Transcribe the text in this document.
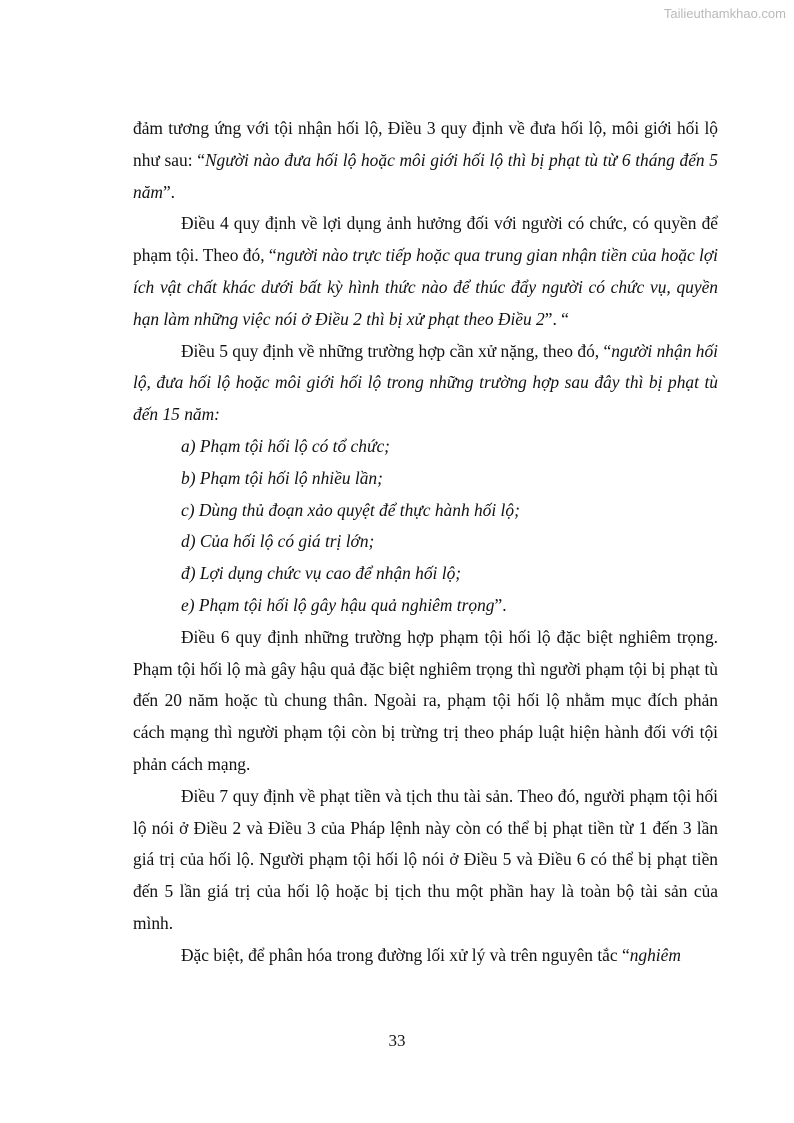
Tailieuthamkhao.com

đảm tương ứng với tội nhận hối lộ, Điều 3 quy định về đưa hối lộ, môi giới hối lộ như sau: “Người nào đưa hối lộ hoặc môi giới hối lộ thì bị phạt tù từ 6 tháng đến 5 năm”.

Điều 4 quy định về lợi dụng ảnh hưởng đối với người có chức, có quyền để phạm tội. Theo đó, “người nào trực tiếp hoặc qua trung gian nhận tiền của hoặc lợi ích vật chất khác dưới bất kỳ hình thức nào để thúc đẩy người có chức vụ, quyền hạn làm những việc nói ở Điều 2 thì bị xử phạt theo Điều 2”. “

Điều 5 quy định về những trường hợp cần xử nặng, theo đó, “người nhận hối lộ, đưa hối lộ hoặc môi giới hối lộ trong những trường hợp sau đây thì bị phạt tù đến 15 năm:

a) Phạm tội hối lộ có tổ chức;

b) Phạm tội hối lộ nhiều lần;

c) Dùng thủ đoạn xảo quyệt để thực hành hối lộ;

d) Của hối lộ có giá trị lớn;

đ) Lợi dụng chức vụ cao để nhận hối lộ;

e) Phạm tội hối lộ gây hậu quả nghiêm trọng”.

Điều 6 quy định những trường hợp phạm tội hối lộ đặc biệt nghiêm trọng. Phạm tội hối lộ mà gây hậu quả đặc biệt nghiêm trọng thì người phạm tội bị phạt tù đến 20 năm hoặc tù chung thân. Ngoài ra, phạm tội hối lộ nhằm mục đích phản cách mạng thì người phạm tội còn bị trừng trị theo pháp luật hiện hành đối với tội phản cách mạng.

Điều 7 quy định về phạt tiền và tịch thu tài sản. Theo đó, người phạm tội hối lộ nói ở Điều 2 và Điều 3 của Pháp lệnh này còn có thể bị phạt tiền từ 1 đến 3 lần giá trị của hối lộ. Người phạm tội hối lộ nói ở Điều 5 và Điều 6 có thể bị phạt tiền đến 5 lần giá trị của hối lộ hoặc bị tịch thu một phần hay là toàn bộ tài sản của mình.

Đặc biệt, để phân hóa trong đường lối xử lý và trên nguyên tắc “nghiêm

33
